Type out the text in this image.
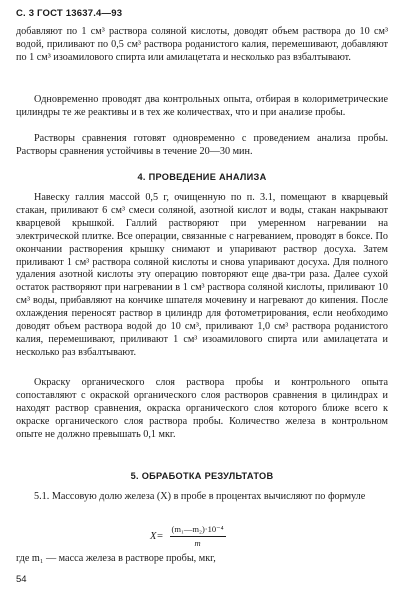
С. 3 ГОСТ 13637.4—93

добавляют по 1 см³ раствора соляной кислоты, доводят объем раствора до 10 см³ водой, приливают по 0,5 см³ раствора роданистого калия, перемешивают, добавляют по 1 см³ изоамилового спирта или амилацетата и несколько раз взбалтывают.

Одновременно проводят два контрольных опыта, отбирая в колориметрические цилиндры те же реактивы и в тех же количествах, что и при анализе пробы.

Растворы сравнения готовят одновременно с проведением анализа пробы. Растворы сравнения устойчивы в течение 20—30 мин.

4. ПРОВЕДЕНИЕ АНАЛИЗА

Навеску галлия массой 0,5 г, очищенную по п. 3.1, помещают в кварцевый стакан, приливают 6 см³ смеси соляной, азотной кислот и воды, стакан накрывают кварцевой крышкой. Галлий растворяют при умеренном нагревании на электрической плитке. Все операции, связанные с нагреванием, проводят в боксе. По окончании растворения крышку снимают и упаривают раствор досуха. Затем приливают 1 см³ раствора соляной кислоты и снова упаривают досуха. Для полного удаления азотной кислоты эту операцию повторяют еще два-три раза. Далее сухой остаток растворяют при нагревании в 1 см³ раствора соляной кислоты, приливают 10 см³ воды, прибавляют на кончике шпателя мочевину и нагревают до кипения. После охлаждения переносят раствор в цилиндр для фотометрирования, если необходимо доводят объем раствора водой до 10 см³, приливают 1,0 см³ раствора роданистого калия, перемешивают, приливают 1 см³ изоамилового спирта или амилацетата и несколько раз взбалтывают.

Окраску органического слоя раствора пробы и контрольного опыта сопоставляют с окраской органического слоя растворов сравнения в цилиндрах и находят раствор сравнения, окраска органического слоя которого ближе всего к окраске органического слоя раствора пробы. Количество железа в контрольном опыте не должно превышать 0,1 мкг.

5. ОБРАБОТКА РЕЗУЛЬТАТОВ

5.1. Массовую долю железа (X) в пробе в процентах вычисляют по формуле

$X= \frac{\text{(m₁—m₂)·10⁻⁴}}{m}$

где m₁ — масса железа в растворе пробы, мкг,

54
